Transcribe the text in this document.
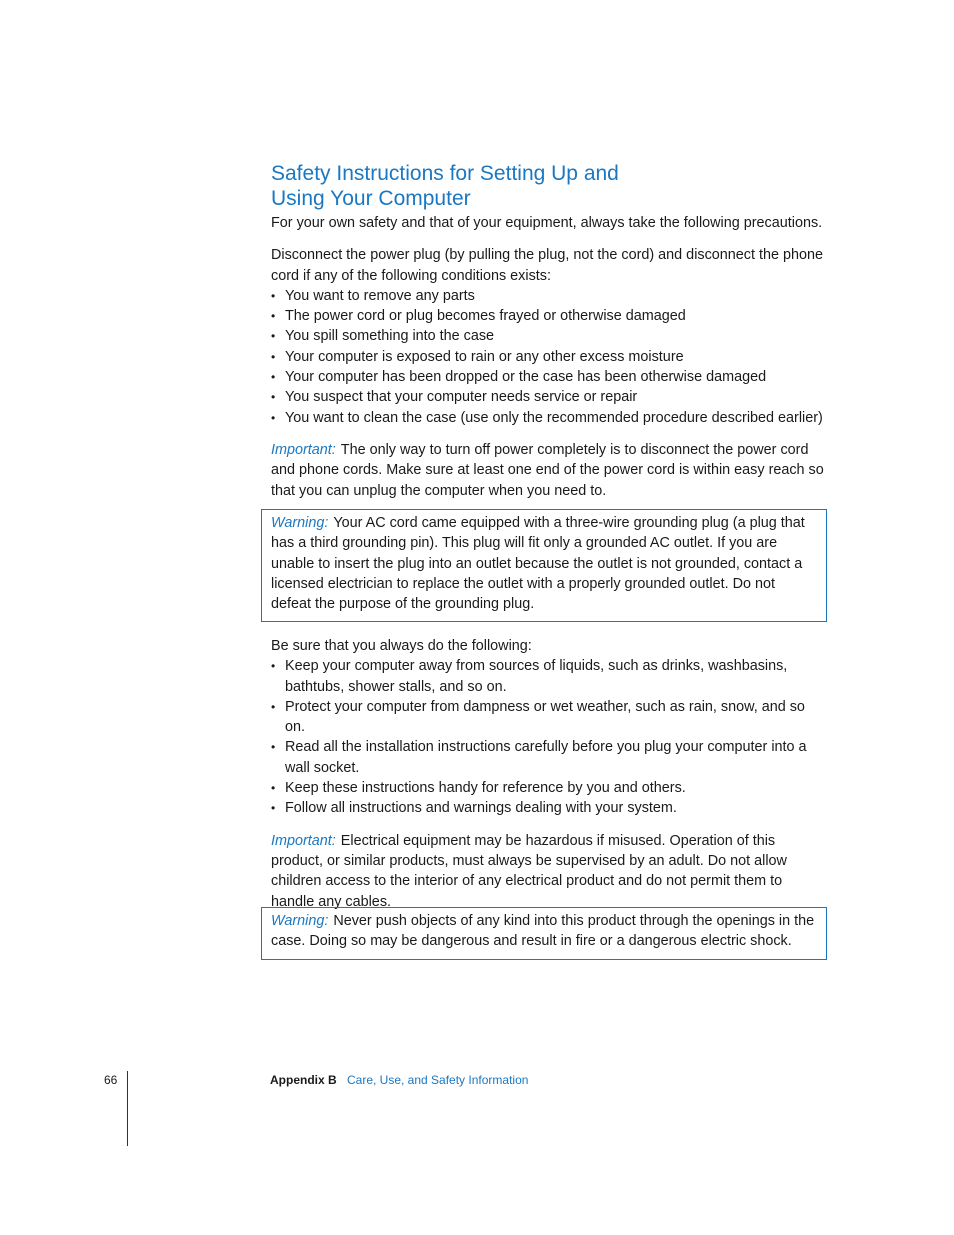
Safety Instructions for Setting Up and
Using Your Computer

For your own safety and that of your equipment, always take the following precautions.

Disconnect the power plug (by pulling the plug, not the cord) and disconnect the phone cord if any of the following conditions exists:

• You want to remove any parts
• The power cord or plug becomes frayed or otherwise damaged
• You spill something into the case
• Your computer is exposed to rain or any other excess moisture
• Your computer has been dropped or the case has been otherwise damaged
• You suspect that your computer needs service or repair
• You want to clean the case (use only the recommended procedure described earlier)

Important: The only way to turn off power completely is to disconnect the power cord and phone cords. Make sure at least one end of the power cord is within easy reach so that you can unplug the computer when you need to.

Warning: Your AC cord came equipped with a three-wire grounding plug (a plug that has a third grounding pin). This plug will fit only a grounded AC outlet. If you are unable to insert the plug into an outlet because the outlet is not grounded, contact a licensed electrician to replace the outlet with a properly grounded outlet. Do not defeat the purpose of the grounding plug.

Be sure that you always do the following:

• Keep your computer away from sources of liquids, such as drinks, washbasins, bathtubs, shower stalls, and so on.
• Protect your computer from dampness or wet weather, such as rain, snow, and so on.
• Read all the installation instructions carefully before you plug your computer into a wall socket.
• Keep these instructions handy for reference by you and others.
• Follow all instructions and warnings dealing with your system.

Important: Electrical equipment may be hazardous if misused. Operation of this product, or similar products, must always be supervised by an adult. Do not allow children access to the interior of any electrical product and do not permit them to handle any cables.

Warning: Never push objects of any kind into this product through the openings in the case. Doing so may be dangerous and result in fire or a dangerous electric shock.
66	Appendix B Care, Use, and Safety Information
